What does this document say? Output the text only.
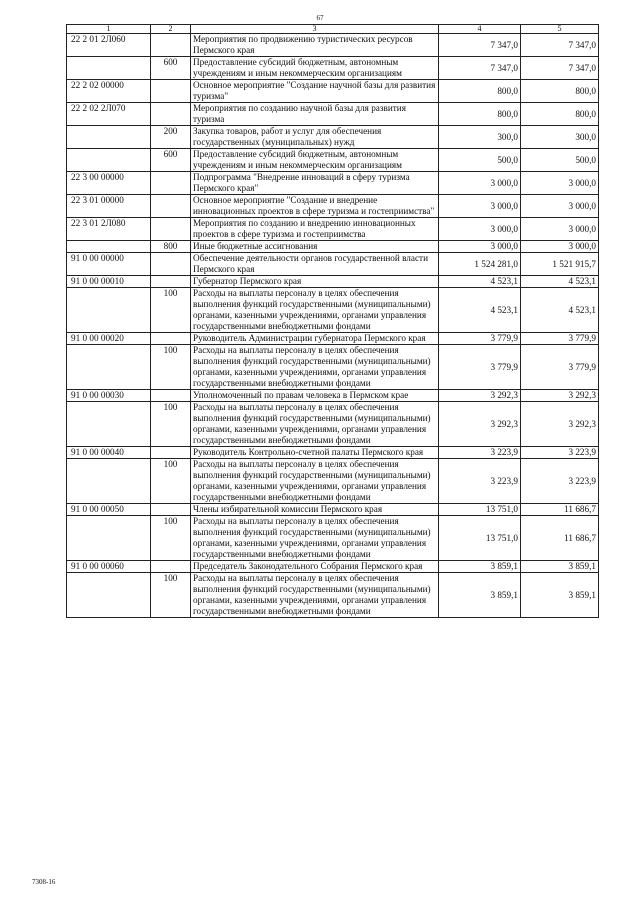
67
1	2	3	4	5
22 2 01 2Л060		Мероприятия по продвижению туристических ресурсов Пермского края	7 347,0	7 347,0
	600	Предоставление субсидий бюджетным, автономным учреждениям и иным некоммерческим организациям	7 347,0	7 347,0
22 2 02 00000		Основное мероприятие "Создание научной базы для развития туризма"	800,0	800,0
22 2 02 2Л070		Мероприятия по созданию научной базы для развития туризма	800,0	800,0
	200	Закупка товаров, работ и услуг для обеспечения государственных (муниципальных) нужд	300,0	300,0
	600	Предоставление субсидий бюджетным, автономным учреждениям и иным некоммерческим организациям	500,0	500,0
22 3 00 00000		Подпрограмма "Внедрение инноваций в сферу туризма Пермского края"	3 000,0	3 000,0
22 3 01 00000		Основное мероприятие "Создание и внедрение инновационных проектов в сфере туризма и гостеприимства"	3 000,0	3 000,0
22 3 01 2Л080		Мероприятия по созданию и внедрению инновационных проектов в сфере туризма и гостеприимства	3 000,0	3 000,0
	800	Иные бюджетные ассигнования	3 000,0	3 000,0
91 0 00 00000		Обеспечение деятельности органов государственной власти Пермского края	1 524 281,0	1 521 915,7
91 0 00 00010		Губернатор Пермского края	4 523,1	4 523,1
	100	Расходы на выплаты персоналу в целях обеспечения выполнения функций государственными (муниципальными) органами, казенными учреждениями, органами управления государственными внебюджетными фондами	4 523,1	4 523,1
91 0 00 00020		Руководитель Администрации губернатора Пермского края	3 779,9	3 779,9
	100	Расходы на выплаты персоналу в целях обеспечения выполнения функций государственными (муниципальными) органами, казенными учреждениями, органами управления государственными внебюджетными фондами	3 779,9	3 779,9
91 0 00 00030		Уполномоченный по правам человека в Пермском крае	3 292,3	3 292,3
	100	Расходы на выплаты персоналу в целях обеспечения выполнения функций государственными (муниципальными) органами, казенными учреждениями, органами управления государственными внебюджетными фондами	3 292,3	3 292,3
91 0 00 00040		Руководитель Контрольно-счетной палаты Пермского края	3 223,9	3 223,9
	100	Расходы на выплаты персоналу в целях обеспечения выполнения функций государственными (муниципальными) органами, казенными учреждениями, органами управления государственными внебюджетными фондами	3 223,9	3 223,9
91 0 00 00050		Члены избирательной комиссии Пермского края	13 751,0	11 686,7
	100	Расходы на выплаты персоналу в целях обеспечения выполнения функций государственными (муниципальными) органами, казенными учреждениями, органами управления государственными внебюджетными фондами	13 751,0	11 686,7
91 0 00 00060		Председатель Законодательного Собрания Пермского края	3 859,1	3 859,1
	100	Расходы на выплаты персоналу в целях обеспечения выполнения функций государственными (муниципальными) органами, казенными учреждениями, органами управления государственными внебюджетными фондами	3 859,1	3 859,1
7308-16
